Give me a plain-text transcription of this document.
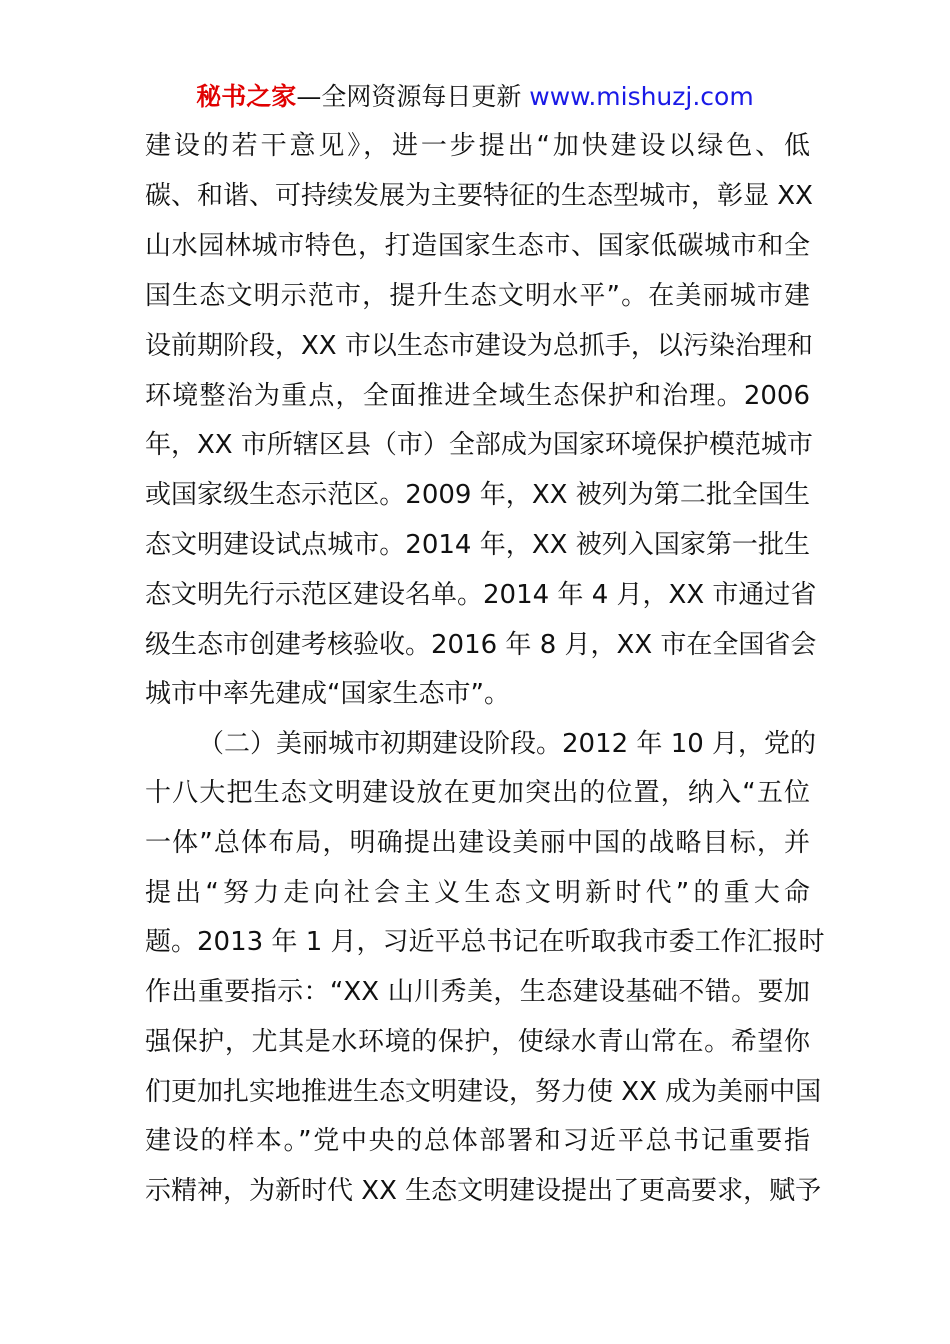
秘书之家—全网资源每日更新 www.mishuzj.com
建设的若干意见》，进一步提出“加快建设以绿色、低
碳、和谐、可持续发展为主要特征的生态型城市，彰显 XX
山水园林城市特色，打造国家生态市、国家低碳城市和全
国生态文明示范市，提升生态文明水平”。在美丽城市建
设前期阶段，XX 市以生态市建设为总抓手，以污染治理和
环境整治为重点，全面推进全域生态保护和治理。2006
年，XX 市所辖区县（市）全部成为国家环境保护模范城市
或国家级生态示范区。2009 年，XX 被列为第二批全国生
态文明建设试点城市。2014 年，XX 被列入国家第一批生
态文明先行示范区建设名单。2014 年 4 月，XX 市通过省
级生态市创建考核验收。2016 年 8 月，XX 市在全国省会
城市中率先建成“国家生态市”。
（二）美丽城市初期建设阶段。2012 年 10 月，党的
十八大把生态文明建设放在更加突出的位置，纳入“五位
一体”总体布局，明确提出建设美丽中国的战略目标，并
提出“努力走向社会主义生态文明新时代”的重大命
题。2013 年 1 月，习近平总书记在听取我市委工作汇报时
作出重要指示：“XX 山川秀美，生态建设基础不错。要加
强保护，尤其是水环境的保护，使绿水青山常在。希望你
们更加扎实地推进生态文明建设，努力使 XX 成为美丽中国
建设的样本。”党中央的总体部署和习近平总书记重要指
示精神，为新时代 XX 生态文明建设提出了更高要求，赋予
